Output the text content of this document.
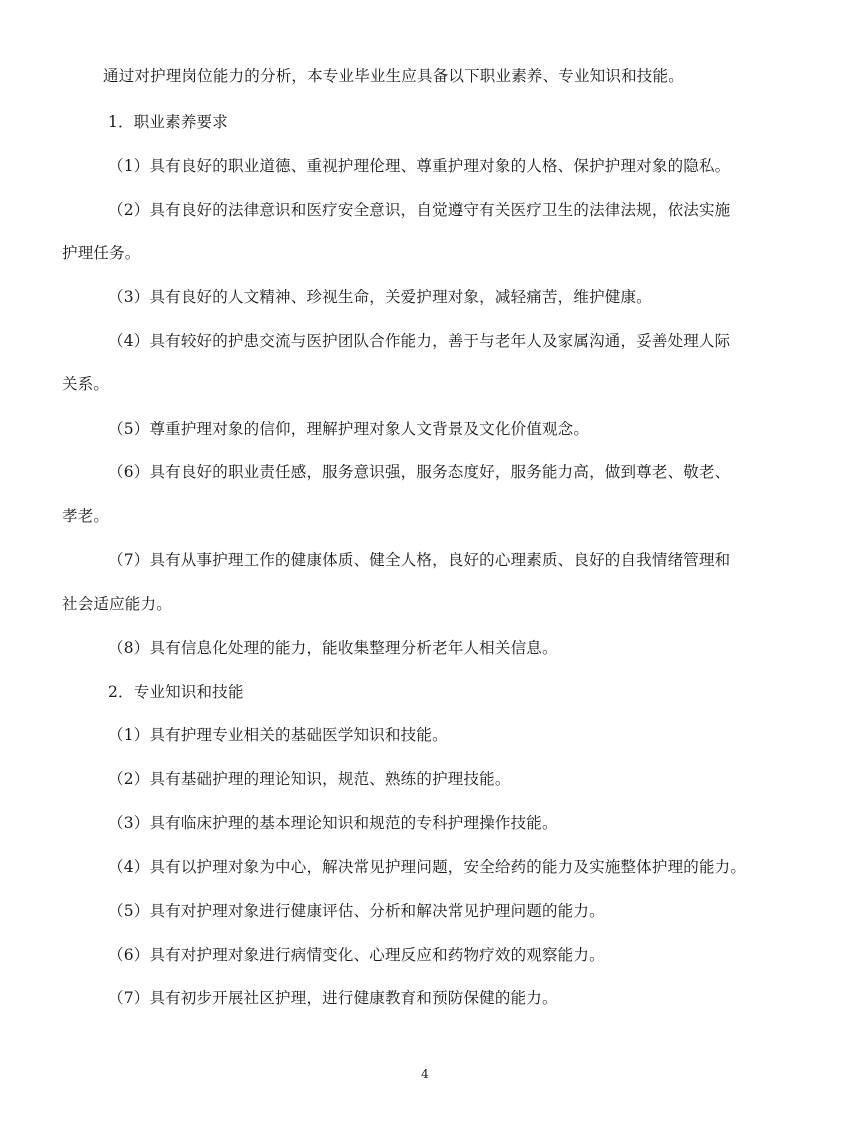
通过对护理岗位能力的分析，本专业毕业生应具备以下职业素养、专业知识和技能。
1．职业素养要求
（1）具有良好的职业道德、重视护理伦理、尊重护理对象的人格、保护护理对象的隐私。
（2）具有良好的法律意识和医疗安全意识，自觉遵守有关医疗卫生的法律法规，依法实施
护理任务。
（3）具有良好的人文精神、珍视生命，关爱护理对象，减轻痛苦，维护健康。
（4）具有较好的护患交流与医护团队合作能力，善于与老年人及家属沟通，妥善处理人际
关系。
（5）尊重护理对象的信仰，理解护理对象人文背景及文化价值观念。
（6）具有良好的职业责任感，服务意识强，服务态度好，服务能力高，做到尊老、敬老、
孝老。
（7）具有从事护理工作的健康体质、健全人格，良好的心理素质、良好的自我情绪管理和
社会适应能力。
（8）具有信息化处理的能力，能收集整理分析老年人相关信息。
2．专业知识和技能
（1）具有护理专业相关的基础医学知识和技能。
（2）具有基础护理的理论知识，规范、熟练的护理技能。
（3）具有临床护理的基本理论知识和规范的专科护理操作技能。
（4）具有以护理对象为中心，解决常见护理问题，安全给药的能力及实施整体护理的能力。
（5）具有对护理对象进行健康评估、分析和解决常见护理问题的能力。
（6）具有对护理对象进行病情变化、心理反应和药物疗效的观察能力。
（7）具有初步开展社区护理，进行健康教育和预防保健的能力。
4
